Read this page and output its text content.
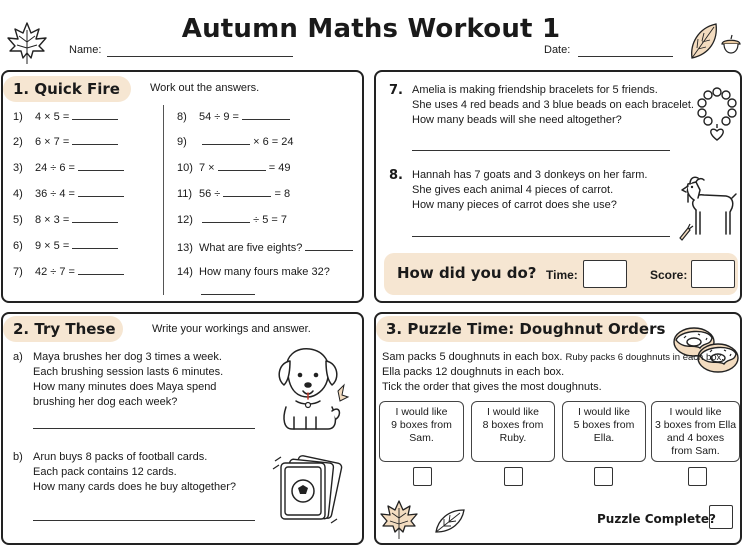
Autumn Maths Workout 1
Name:	Date:
1. Quick Fire	Work out the answers.
1) 4 × 5 =
2) 6 × 7 =
3) 24 ÷ 6 =
4) 36 ÷ 4 =
5) 8 × 3 =
6) 9 × 5 =
7) 42 ÷ 7 =
8) 54 ÷ 9 =
9)	× 6 = 24
10) 7 ×	= 49
11) 56 ÷	= 8
12)	÷ 5 = 7
13) What are five eights?
14) How many fours make 32?
7. Amelia is making friendship bracelets for 5 friends.
She uses 4 red beads and 3 blue beads on each bracelet.
How many beads will she need altogether?
8. Hannah has 7 goats and 3 donkeys on her farm.
She gives each animal 4 pieces of carrot.
How many pieces of carrot does she use?
How did you do? Time:	Score:
2. Try These	Write your workings and answer.
a) Maya brushes her dog 3 times a week.
Each brushing session lasts 6 minutes.
How many minutes does Maya spend
brushing her dog each week?
b) Arun buys 8 packs of football cards.
Each pack contains 12 cards.
How many cards does he buy altogether?
3. Puzzle Time: Doughnut Orders
Sam packs 5 doughnuts in each box. Ruby packs 6 doughnuts in each box.
Ella packs 12 doughnuts in each box.
Tick the order that gives the most doughnuts.
I would like
9 boxes from
Sam.
I would like
8 boxes from
Ruby.
I would like
5 boxes from
Ella.
I would like
3 boxes from Ella
and 4 boxes
from Sam.
Puzzle Complete?
